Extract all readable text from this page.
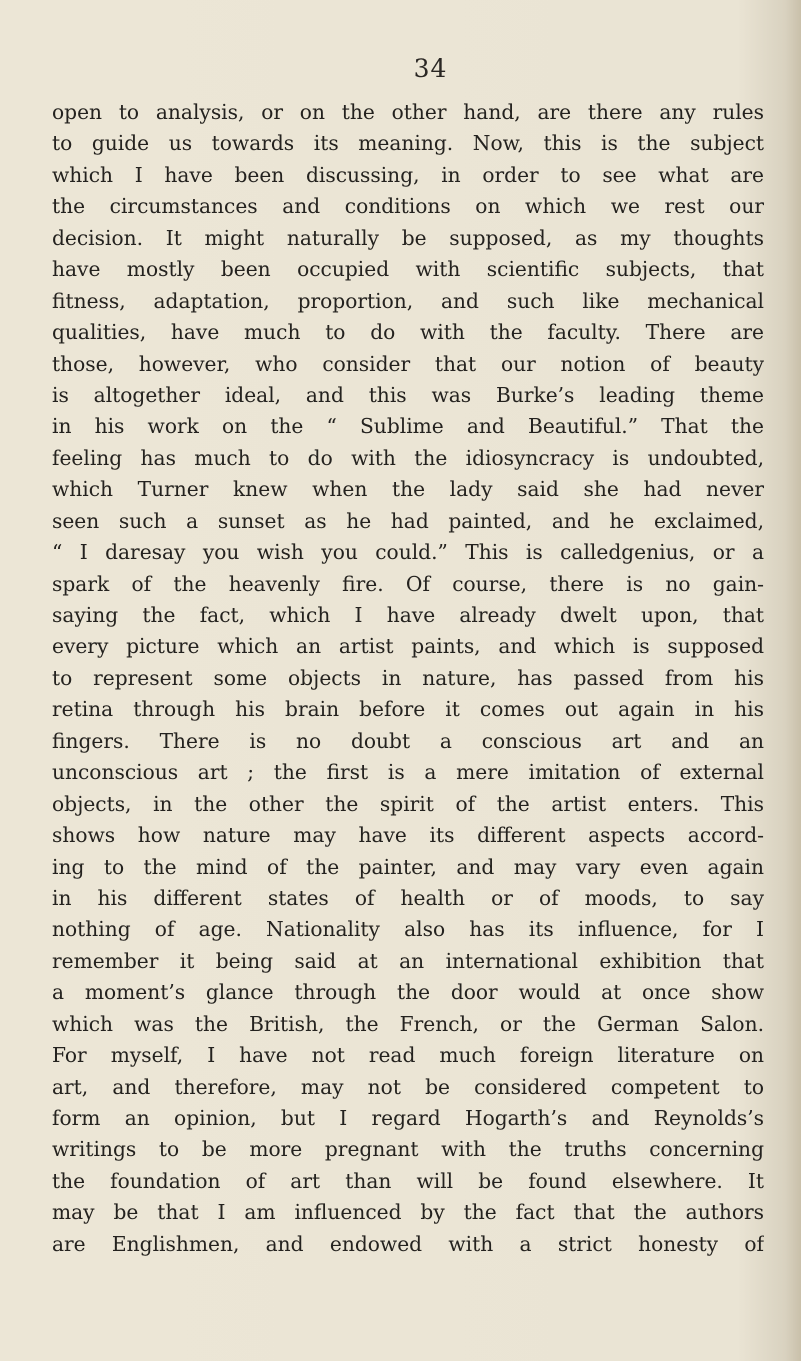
34
open to analysis, or on the other hand, are there any rules
to guide us towards its meaning. Now, this is the subject
which I have been discussing, in order to see what are
the circumstances and conditions on which we rest our
decision. It might naturally be supposed, as my thoughts
have mostly been occupied with scientific subjects, that
fitness, adaptation, proportion, and such like mechanical
qualities, have much to do with the faculty. There are
those, however, who consider that our notion of beauty
is altogether ideal, and this was Burke’s leading theme
in his work on the “ Sublime and Beautiful.” That the
feeling has much to do with the idiosyncracy is undoubted,
which Turner knew when the lady said she had never
seen such a sunset as he had painted, and he exclaimed,
“ I daresay you wish you could.” This is calledgenius, or a
spark of the heavenly fire. Of course, there is no gain-
saying the fact, which I have already dwelt upon, that
every picture which an artist paints, and which is supposed
to represent some objects in nature, has passed from his
retina through his brain before it comes out again in his
fingers. There is no doubt a conscious art and an
unconscious art ; the first is a mere imitation of external
objects, in the other the spirit of the artist enters. This
shows how nature may have its different aspects accord-
ing to the mind of the painter, and may vary even again
in his different states of health or of moods, to say
nothing of age. Nationality also has its influence, for I
remember it being said at an international exhibition that
a moment’s glance through the door would at once show
which was the British, the French, or the German Salon.
For myself, I have not read much foreign literature on
art, and therefore, may not be considered competent to
form an opinion, but I regard Hogarth’s and Reynolds’s
writings to be more pregnant with the truths concerning
the foundation of art than will be found elsewhere. It
may be that I am influenced by the fact that the authors
are Englishmen, and endowed with a strict honesty of
